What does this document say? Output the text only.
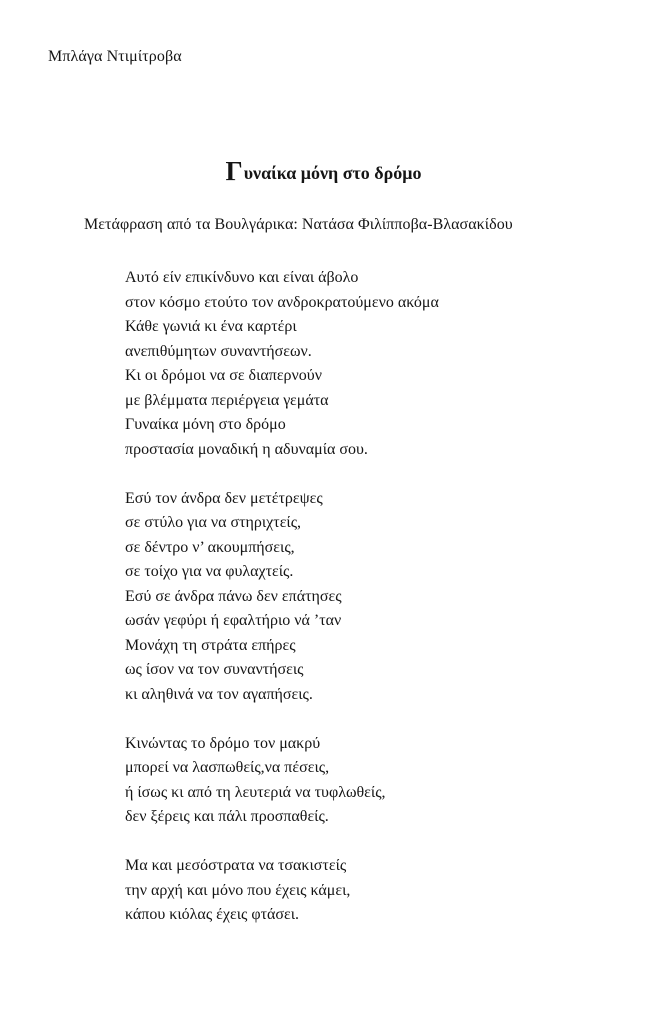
Μπλάγα Ντιμίτροβα
Γυναίκα μόνη στο δρόμο
Μετάφραση από τα Βουλγάρικα: Νατάσα Φιλίπποβα-Βλασακίδου
Αυτό είν επικίνδυνο και είναι άβολο
στον κόσμο ετούτο τον ανδροκρατούμενο ακόμα
Κάθε γωνιά κι ένα καρτέρι
ανεπιθύμητων συναντήσεων.
Κι οι δρόμοι να σε διαπερνούν
με βλέμματα περιέργεια γεμάτα
Γυναίκα μόνη στο δρόμο
προστασία μοναδική η αδυναμία σου.
Εσύ τον άνδρα δεν μετέτρεψες
σε στύλο για να στηριχτείς,
σε δέντρο ν’ ακουμπήσεις,
σε τοίχο για να φυλαχτείς.
Εσύ σε άνδρα πάνω δεν επάτησες
ωσάν γεφύρι ή εφαλτήριο νά ’ταν
Μονάχη τη στράτα επήρες
ως ίσον να τον συναντήσεις
κι αληθινά να τον αγαπήσεις.
Κινώντας το δρόμο τον μακρύ
μπορεί να λασπωθείς,να πέσεις,
ή ίσως κι από τη λευτεριά να τυφλωθείς,
δεν ξέρεις και πάλι προσπαθείς.
Μα και μεσόστρατα να τσακιστείς
την αρχή και μόνο που έχεις κάμει,
κάπου κιόλας έχεις φτάσει.
